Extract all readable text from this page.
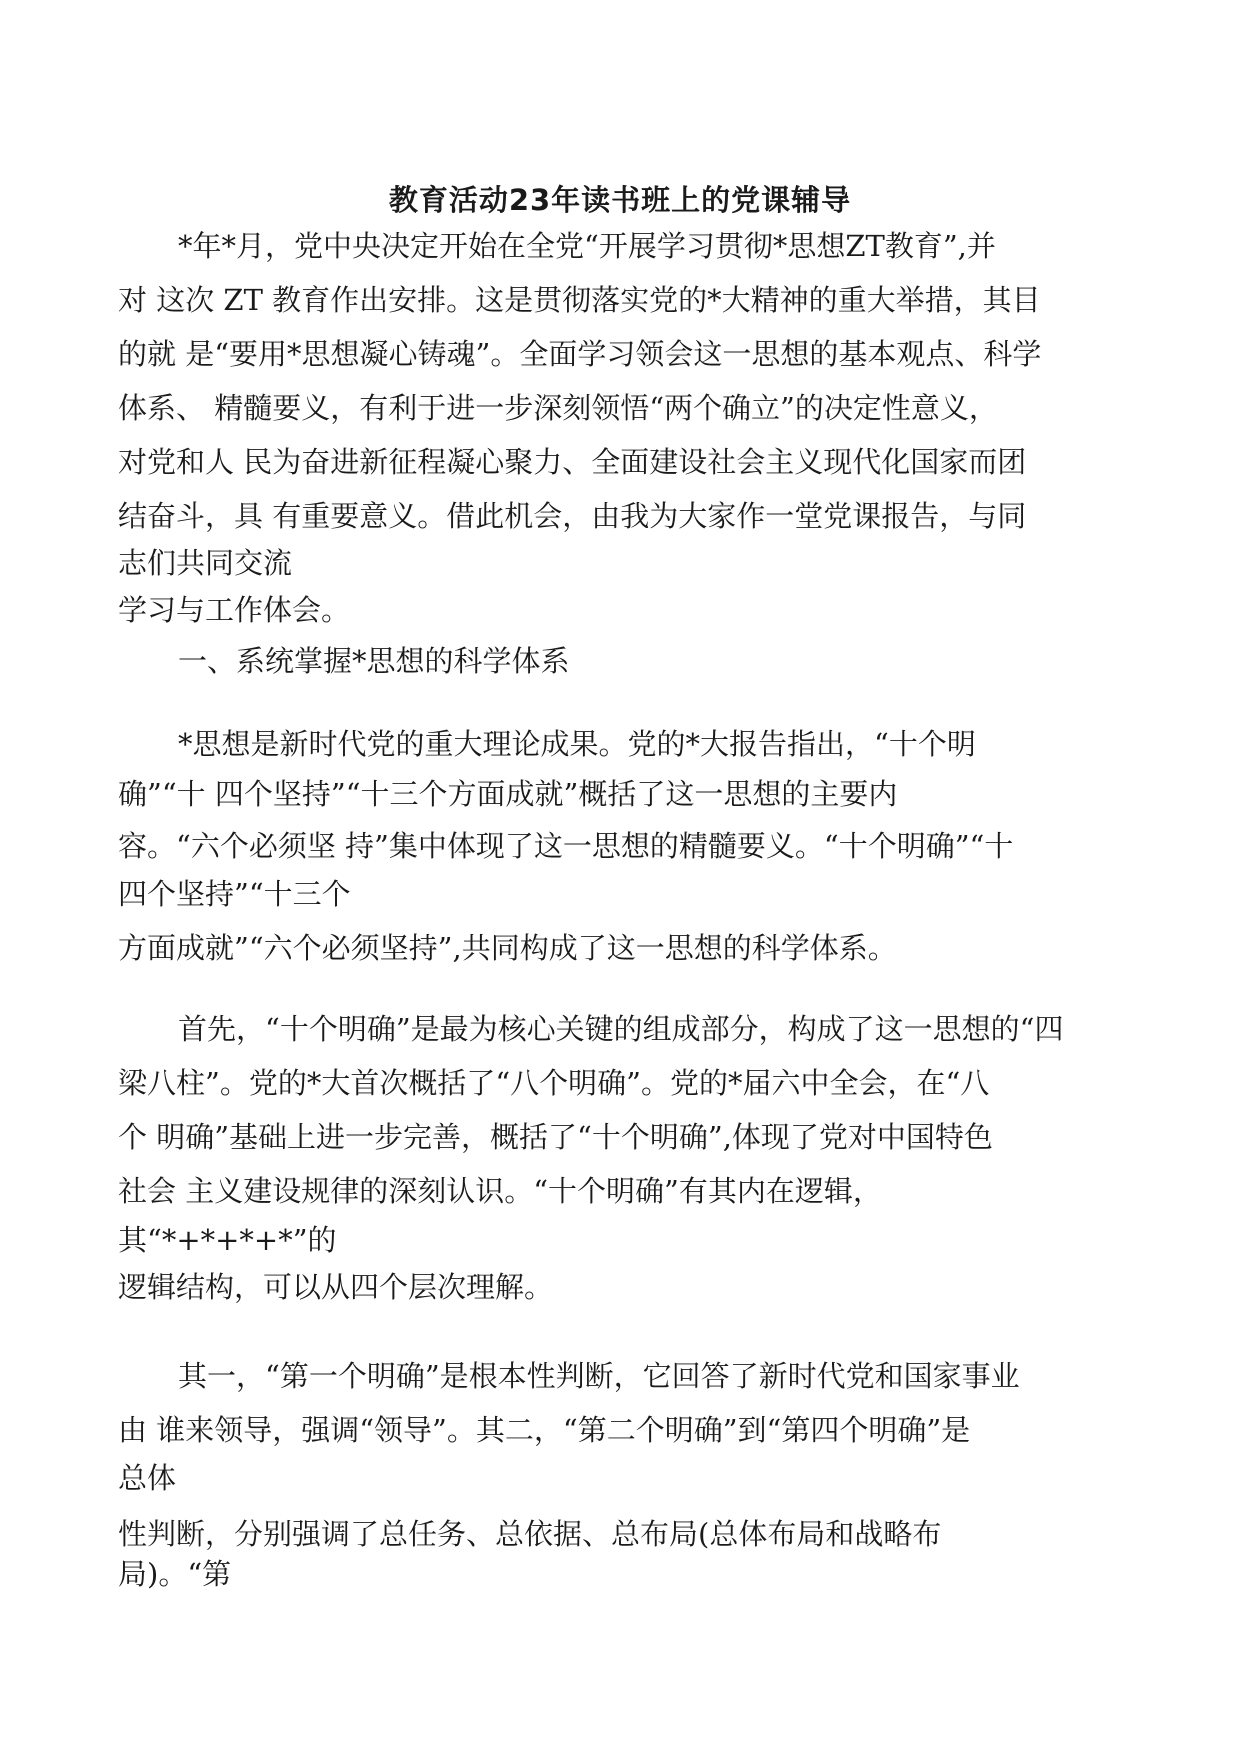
教育活动23年读书班上的党课辅导
*年*月，党中央决定开始在全党“开展学习贯彻*思想ZT教育”,并
对 这次 ZT 教育作出安排。这是贯彻落实党的*大精神的重大举措，其目
的就 是“要用*思想凝心铸魂”。全面学习领会这一思想的基本观点、科学
体系、 精髓要义，有利于进一步深刻领悟“两个确立”的决定性意义，
对党和人 民为奋进新征程凝心聚力、全面建设社会主义现代化国家而团
结奋斗，具 有重要意义。借此机会，由我为大家作一堂党课报告，与同
志们共同交流
学习与工作体会。
一、系统掌握*思想的科学体系
*思想是新时代党的重大理论成果。党的*大报告指出，“十个明
确”“十 四个坚持”“十三个方面成就”概括了这一思想的主要内
容。“六个必须坚 持”集中体现了这一思想的精髓要义。“十个明确”“十
四个坚持”“十三个
方面成就”“六个必须坚持”,共同构成了这一思想的科学体系。
首先，“十个明确”是最为核心关键的组成部分，构成了这一思想的“四
梁八柱”。党的*大首次概括了“八个明确”。党的*届六中全会，在“八
个 明确”基础上进一步完善，概括了“十个明确”,体现了党对中国特色
社会 主义建设规律的深刻认识。“十个明确”有其内在逻辑，
其“*+*+*+*”的
逻辑结构，可以从四个层次理解。
其一，“第一个明确”是根本性判断，它回答了新时代党和国家事业
由 谁来领导，强调“领导”。其二，“第二个明确”到“第四个明确”是
总体
性判断，分别强调了总任务、总依据、总布局(总体布局和战略布
局)。“第
